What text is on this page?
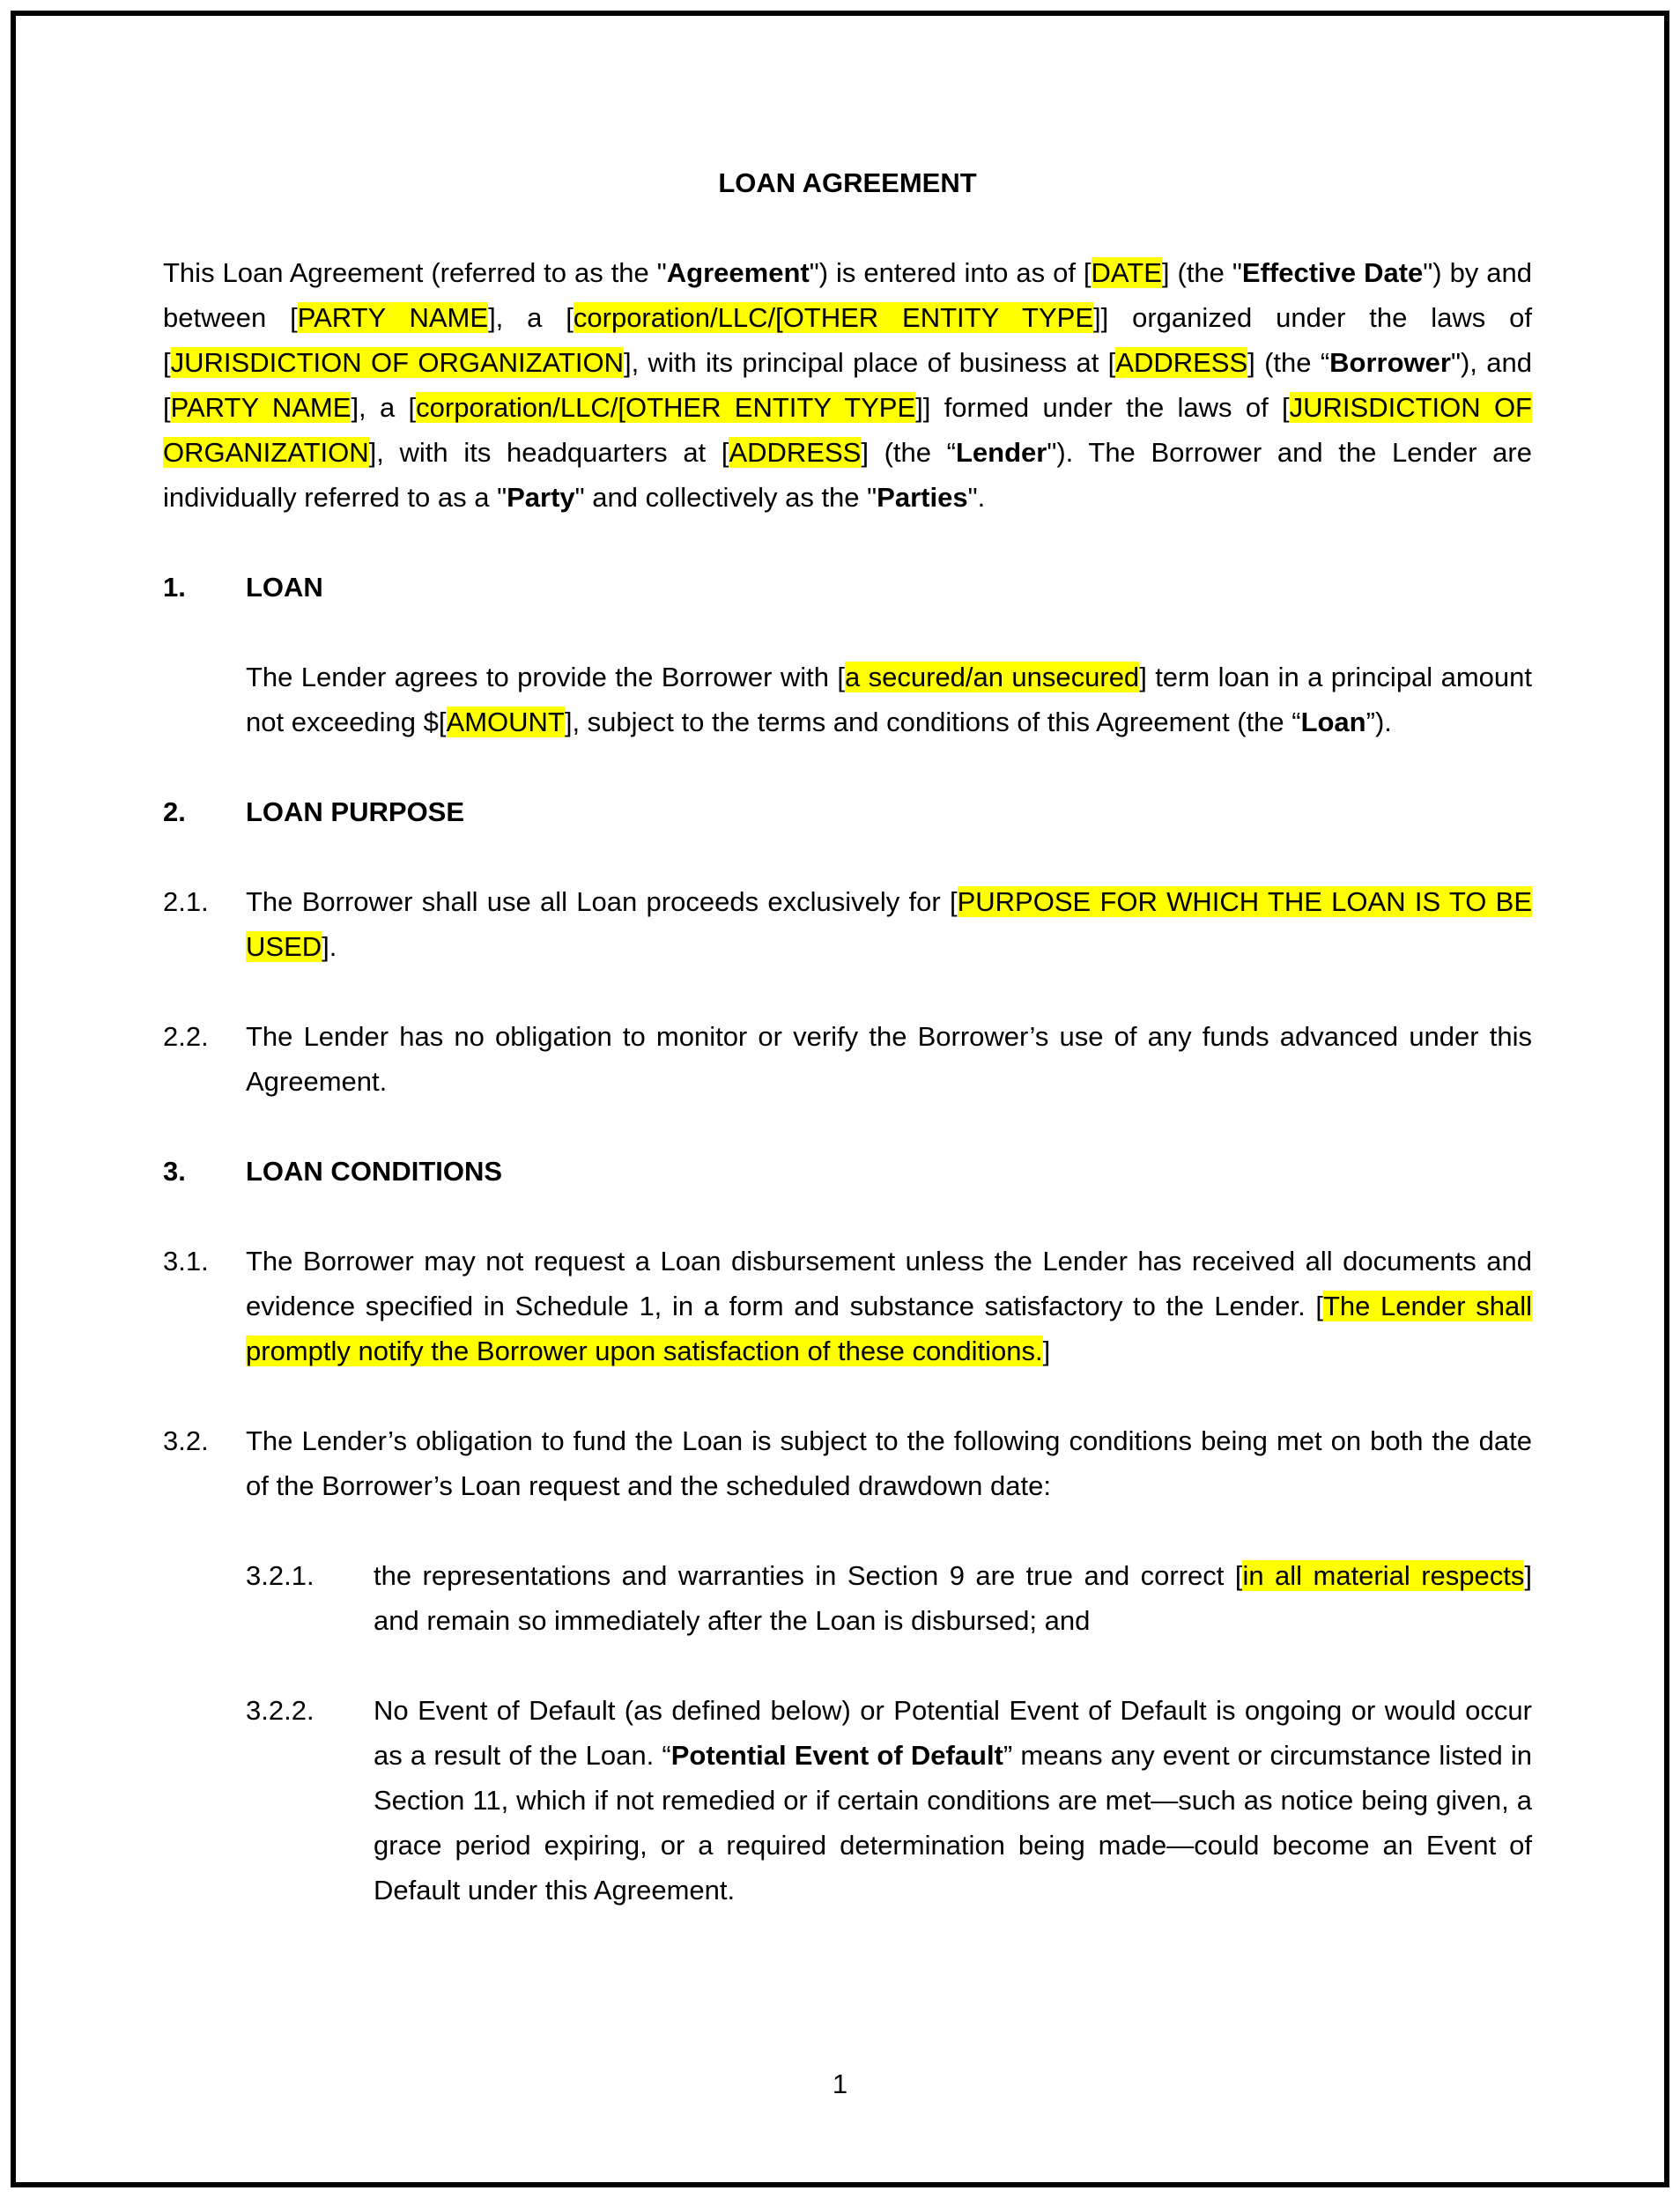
LOAN AGREEMENT
This Loan Agreement (referred to as the "Agreement") is entered into as of [DATE] (the "Effective Date") by and between [PARTY NAME], a [corporation/LLC/[OTHER ENTITY TYPE]] organized under the laws of [JURISDICTION OF ORGANIZATION], with its principal place of business at [ADDRESS] (the “Borrower"), and [PARTY NAME], a [corporation/LLC/[OTHER ENTITY TYPE]] formed under the laws of [JURISDICTION OF ORGANIZATION], with its headquarters at [ADDRESS] (the “Lender"). The Borrower and the Lender are individually referred to as a "Party" and collectively as the "Parties".
1.	LOAN
The Lender agrees to provide the Borrower with [a secured/an unsecured] term loan in a principal amount not exceeding $[AMOUNT], subject to the terms and conditions of this Agreement (the “Loan”).
2.	LOAN PURPOSE
2.1.	The Borrower shall use all Loan proceeds exclusively for [PURPOSE FOR WHICH THE LOAN IS TO BE USED].
2.2.	The Lender has no obligation to monitor or verify the Borrower’s use of any funds advanced under this Agreement.
3.	LOAN CONDITIONS
3.1.	The Borrower may not request a Loan disbursement unless the Lender has received all documents and evidence specified in Schedule 1, in a form and substance satisfactory to the Lender. [The Lender shall promptly notify the Borrower upon satisfaction of these conditions.]
3.2.	The Lender’s obligation to fund the Loan is subject to the following conditions being met on both the date of the Borrower’s Loan request and the scheduled drawdown date:
3.2.1.	the representations and warranties in Section 9 are true and correct [in all material respects] and remain so immediately after the Loan is disbursed; and
3.2.2.	No Event of Default (as defined below) or Potential Event of Default is ongoing or would occur as a result of the Loan. “Potential Event of Default” means any event or circumstance listed in Section 11, which if not remedied or if certain conditions are met—such as notice being given, a grace period expiring, or a required determination being made—could become an Event of Default under this Agreement.
1
